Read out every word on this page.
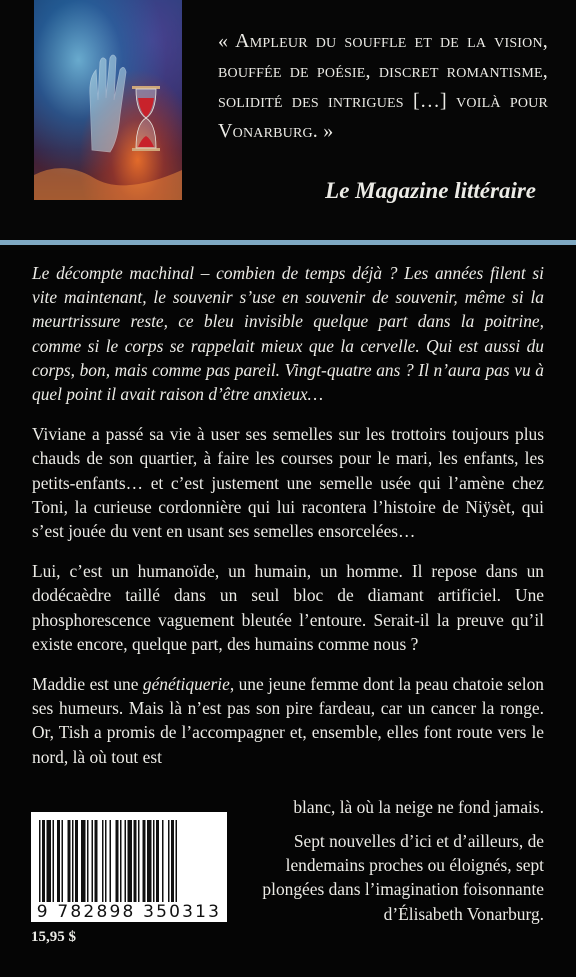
« Ampleur du souffle et de la vision, bouffée de poésie, discret romantisme, solidité des intrigues […] voilà pour Vonarburg. »
Le Magazine littéraire

Le décompte machinal – combien de temps déjà ? Les années filent si vite maintenant, le souvenir s’use en souvenir de souvenir, même si la meurtrissure reste, ce bleu invisible quelque part dans la poitrine, comme si le corps se rappelait mieux que la cervelle. Qui est aussi du corps, bon, mais comme pas pareil. Vingt-quatre ans ? Il n’aura pas vu à quel point il avait raison d’être anxieux…

Viviane a passé sa vie à user ses semelles sur les trottoirs toujours plus chauds de son quartier, à faire les courses pour le mari, les enfants, les petits-enfants… et c’est justement une semelle usée qui l’amène chez Toni, la curieuse cordonnière qui lui racontera l’histoire de Niÿsèt, qui s’est jouée du vent en usant ses semelles ensorcelées…

Lui, c’est un humanoïde, un humain, un homme. Il repose dans un dodécaèdre taillé dans un seul bloc de diamant artificiel. Une phosphorescence vaguement bleutée l’entoure. Serait-il la preuve qu’il existe encore, quelque part, des humains comme nous ?

Maddie est une génétiquerie, une jeune femme dont la peau chatoie selon ses humeurs. Mais là n’est pas son pire fardeau, car un cancer la ronge. Or, Tish a promis de l’accompagner et, ensemble, elles font route vers le nord, là où tout est

blanc, là où la neige ne fond jamais.
9 782898 350313
15,95 $
Sept nouvelles d’ici et d’ailleurs, de lendemains proches ou éloignés, sept plongées dans l’imagination foisonnante d’Élisabeth Vonarburg.
